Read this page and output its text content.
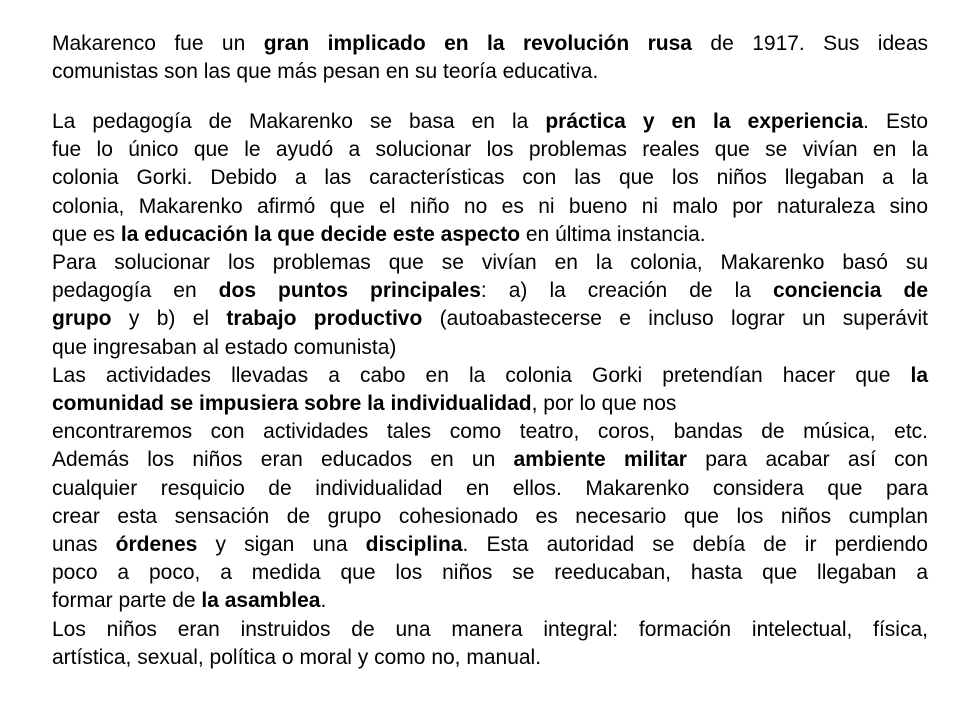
Makarenco fue un gran implicado en la revolución rusa de 1917. Sus ideas
comunistas son las que más pesan en su teoría educativa.
La pedagogía de Makarenko se basa en la práctica y en la experiencia. Esto
fue lo único que le ayudó a solucionar los problemas reales que se vivían en la
colonia Gorki. Debido a las características con las que los niños llegaban a la
colonia, Makarenko afirmó que el niño no es ni bueno ni malo por naturaleza sino
que es la educación la que decide este aspecto en última instancia.
Para solucionar los problemas que se vivían en la colonia, Makarenko basó su
pedagogía en dos puntos principales: a) la creación de la conciencia de
grupo y b) el trabajo productivo (autoabastecerse e incluso lograr un superávit
que ingresaban al estado comunista)
Las actividades llevadas a cabo en la colonia Gorki pretendían hacer que la
comunidad se impusiera sobre la individualidad, por lo que nos
encontraremos con actividades tales como teatro, coros, bandas de música, etc.
Además los niños eran educados en un ambiente militar para acabar así con
cualquier resquicio de individualidad en ellos. Makarenko considera que para
crear esta sensación de grupo cohesionado es necesario que los niños cumplan
unas órdenes y sigan una disciplina. Esta autoridad se debía de ir perdiendo
poco a poco, a medida que los niños se reeducaban, hasta que llegaban a
formar parte de la asamblea.
Los niños eran instruidos de una manera integral: formación intelectual, física,
artística, sexual, política o moral y como no, manual.
